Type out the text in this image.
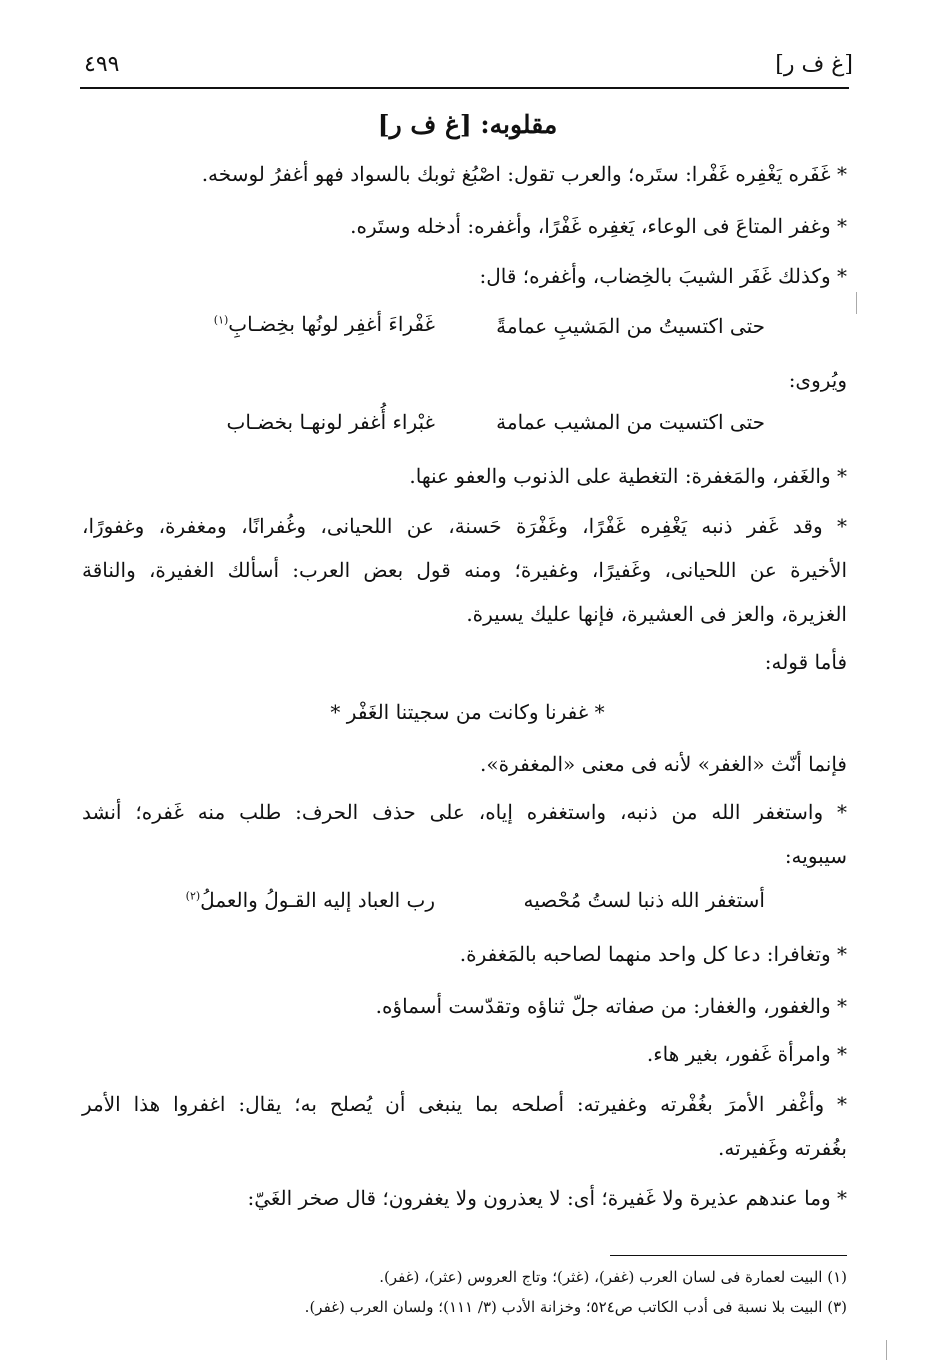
[غ ف ر]
٤٩٩
مقلوبه: [غ ف ر]
* غَفَره يَغْفِره غَفْرا: ستَره؛ والعرب تقول: اصْبُغ ثوبك بالسواد فهو أغفرُ لوسخه.
* وغفر المتاعَ فى الوعاء، يَغفِره غَفْرًا، وأغفره: أدخله وستَره.
* وكذلك غَفَر الشيبَ بالخِضاب، وأغفره؛ قال:
حتى اكتسيتُ من المَشيبِ عمامةً
غَفْراءَ أغفِر لونُها بخِضـابِ$^{(١)}$
ويُروى:
حتى اكتسيت من المشيب عمامة
غبْراء أُغفر لونهـا بخضـاب
* والغَفر، والمَغفرة: التغطية على الذنوب والعفو عنها.
* وقد غَفر ذنبه يَغْفِره غَفْرًا، وغَفْرَة حَسنة، عن اللحيانى، وغُفرانًا، ومغفرة، وغفورًا،
الأخيرة عن اللحيانى، وغَفيرًا، وغفيرة؛ ومنه قول بعض العرب: أسألك الغفيرة، والناقة
الغزيرة، والعز فى العشيرة، فإنها عليك يسيرة.
فأما قوله:
* غفرنا وكانت من سجيتنا الغَفْر *
فإنما أنّث «الغفر» لأنه فى معنى «المغفرة».
* واستغفر الله من ذنبه، واستغفره إياه، على حذف الحرف: طلب منه غَفره؛ أنشد
سيبويه:
أستغفر الله ذنبا لستُ مُحْصيه
رب العباد إليه القـولُ والعملُ$^{(٢)}$
* وتغافرا: دعا كل واحد منهما لصاحبه بالمَغفرة.
* والغفور، والغفار: من صفاته جلّ ثناؤه وتقدّست أسماؤه.
* وامرأة غَفور، بغير هاء.
* وأغْفر الأمرَ بغُفْرته وغفيرته: أصلحه بما ينبغى أن يُصلح به؛ يقال: اغفروا هذا الأمر
بغُفرته وغَفيرته.
* وما عندهم عذيرة ولا غَفيرة؛ أى: لا يعذرون ولا يغفرون؛ قال صخر الغَيّ:
(١) البيت لعمارة فى لسان العرب (غفر)، (غثر)؛ وتاج العروس (عثر)، (غفر).
(٣) البيت بلا نسبة فى أدب الكاتب ص٥٢٤؛ وخزانة الأدب (٣/ ١١١)؛ ولسان العرب (غفر).
